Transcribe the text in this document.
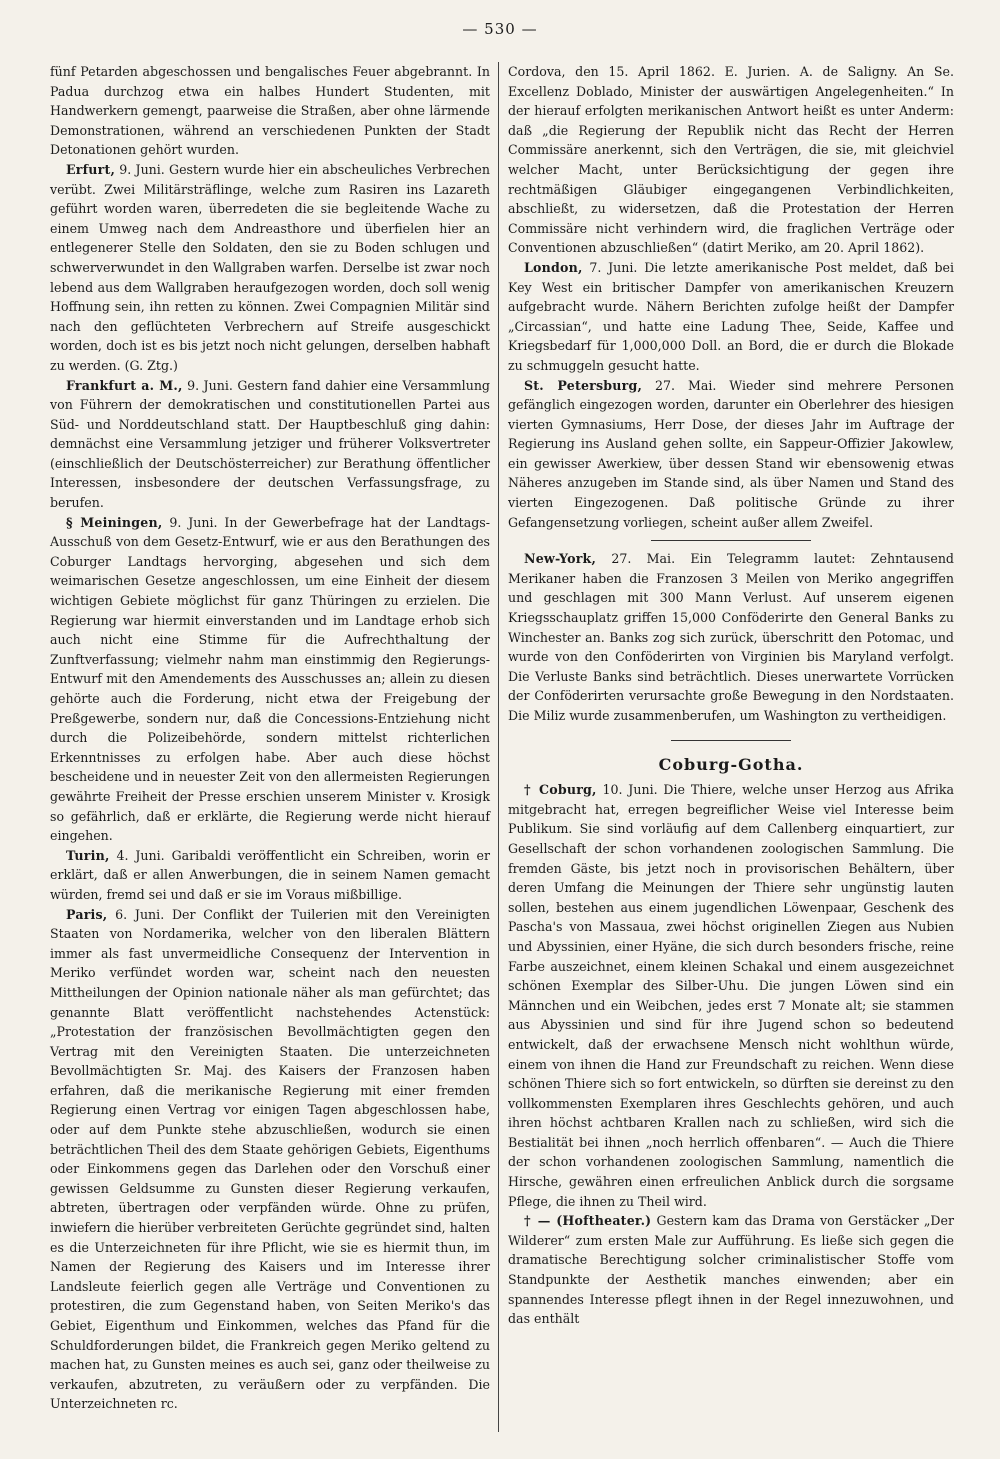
— 530 —

fünf Petarden abgeschossen und bengalisches Feuer abgebrannt. In Padua durchzog etwa ein halbes Hundert Studenten, mit Handwerkern gemengt, paarweise die Straßen, aber ohne lärmende Demonstrationen, während an verschiedenen Punkten der Stadt Detonationen gehört wurden.

Erfurt, 9. Juni. Gestern wurde hier ein abscheuliches Verbrechen verübt. Zwei Militärsträflinge, welche zum Rasiren ins Lazareth geführt worden waren, überredeten die sie begleitende Wache zu einem Umweg nach dem Andreasthore und überfielen hier an entlegenerer Stelle den Soldaten, den sie zu Boden schlugen und schwerverwundet in den Wallgraben warfen. Derselbe ist zwar noch lebend aus dem Wallgraben heraufgezogen worden, doch soll wenig Hoffnung sein, ihn retten zu können. Zwei Compagnien Militär sind nach den geflüchteten Verbrechern auf Streife ausgeschickt worden, doch ist es bis jetzt noch nicht gelungen, derselben habhaft zu werden. (G. Ztg.)

Frankfurt a. M., 9. Juni. Gestern fand dahier eine Versammlung von Führern der demokratischen und constitutionellen Partei aus Süd- und Norddeutschland statt. Der Hauptbeschluß ging dahin: demnächst eine Versammlung jetziger und früherer Volksvertreter (einschließlich der Deutschösterreicher) zur Berathung öffentlicher Interessen, insbesondere der deutschen Verfassungsfrage, zu berufen.

§ Meiningen, 9. Juni. In der Gewerbefrage hat der Landtags-Ausschuß von dem Gesetz-Entwurf, wie er aus den Berathungen des Coburger Landtags hervorging, abgesehen und sich dem weimarischen Gesetze angeschlossen, um eine Einheit der diesem wichtigen Gebiete möglichst für ganz Thüringen zu erzielen. Die Regierung war hiermit einverstanden und im Landtage erhob sich auch nicht eine Stimme für die Aufrechthaltung der Zunftverfassung; vielmehr nahm man einstimmig den Regierungs-Entwurf mit den Amendements des Ausschusses an; allein zu diesen gehörte auch die Forderung, nicht etwa der Freigebung der Preßgewerbe, sondern nur, daß die Concessions-Entziehung nicht durch die Polizeibehörde, sondern mittelst richterlichen Erkenntnisses zu erfolgen habe. Aber auch diese höchst bescheidene und in neuester Zeit von den allermeisten Regierungen gewährte Freiheit der Presse erschien unserem Minister v. Krosigk so gefährlich, daß er erklärte, die Regierung werde nicht hierauf eingehen.

Turin, 4. Juni. Garibaldi veröffentlicht ein Schreiben, worin er erklärt, daß er allen Anwerbungen, die in seinem Namen gemacht würden, fremd sei und daß er sie im Voraus mißbillige.

Paris, 6. Juni. Der Conflikt der Tuilerien mit den Vereinigten Staaten von Nordamerika, welcher von den liberalen Blättern immer als fast unvermeidliche Consequenz der Intervention in Meriko verfündet worden war, scheint nach den neuesten Mittheilungen der Opinion nationale näher als man gefürchtet; das genannte Blatt veröffentlicht nachstehendes Actenstück: „Protestation der französischen Bevollmächtigten gegen den Vertrag mit den Vereinigten Staaten. Die unterzeichneten Bevollmächtigten Sr. Maj. des Kaisers der Franzosen haben erfahren, daß die merikanische Regierung mit einer fremden Regierung einen Vertrag vor einigen Tagen abgeschlossen habe, oder auf dem Punkte stehe abzuschließen, wodurch sie einen beträchtlichen Theil des dem Staate gehörigen Gebiets, Eigenthums oder Einkommens gegen das Darlehen oder den Vorschuß einer gewissen Geldsumme zu Gunsten dieser Regierung verkaufen, abtreten, übertragen oder verpfänden würde. Ohne zu prüfen, inwiefern die hierüber verbreiteten Gerüchte gegründet sind, halten es die Unterzeichneten für ihre Pflicht, wie sie es hiermit thun, im Namen der Regierung des Kaisers und im Interesse ihrer Landsleute feierlich gegen alle Verträge und Conventionen zu protestiren, die zum Gegenstand haben, von Seiten Meriko's das Gebiet, Eigenthum und Einkommen, welches das Pfand für die Schuldforderungen bildet, die Frankreich gegen Meriko geltend zu machen hat, zu Gunsten meines es auch sei, ganz oder theilweise zu verkaufen, abzutreten, zu veräußern oder zu verpfänden. Die Unterzeichneten rc.

Cordova, den 15. April 1862. E. Jurien. A. de Saligny. An Se. Excellenz Doblado, Minister der auswärtigen Angelegenheiten.“ In der hierauf erfolgten merikanischen Antwort heißt es unter Anderm: daß „die Regierung der Republik nicht das Recht der Herren Commissäre anerkennt, sich den Verträgen, die sie, mit gleichviel welcher Macht, unter Berücksichtigung der gegen ihre rechtmäßigen Gläubiger eingegangenen Verbindlichkeiten, abschließt, zu widersetzen, daß die Protestation der Herren Commissäre nicht verhindern wird, die fraglichen Verträge oder Conventionen abzuschließen“ (datirt Meriko, am 20. April 1862).

London, 7. Juni. Die letzte amerikanische Post meldet, daß bei Key West ein britischer Dampfer von amerikanischen Kreuzern aufgebracht wurde. Nähern Berichten zufolge heißt der Dampfer „Circassian“, und hatte eine Ladung Thee, Seide, Kaffee und Kriegsbedarf für 1,000,000 Doll. an Bord, die er durch die Blokade zu schmuggeln gesucht hatte.

St. Petersburg, 27. Mai. Wieder sind mehrere Personen gefänglich eingezogen worden, darunter ein Oberlehrer des hiesigen vierten Gymnasiums, Herr Dose, der dieses Jahr im Auftrage der Regierung ins Ausland gehen sollte, ein Sappeur-Offizier Jakowlew, ein gewisser Awerkiew, über dessen Stand wir ebensowenig etwas Näheres anzugeben im Stande sind, als über Namen und Stand des vierten Eingezogenen. Daß politische Gründe zu ihrer Gefangensetzung vorliegen, scheint außer allem Zweifel.

New-York, 27. Mai. Ein Telegramm lautet: Zehntausend Merikaner haben die Franzosen 3 Meilen von Meriko angegriffen und geschlagen mit 300 Mann Verlust. Auf unserem eigenen Kriegsschauplatz griffen 15,000 Conföderirte den General Banks zu Winchester an. Banks zog sich zurück, überschritt den Potomac, und wurde von den Conföderirten von Virginien bis Maryland verfolgt. Die Verluste Banks sind beträchtlich. Dieses unerwartete Vorrücken der Conföderirten verursachte große Bewegung in den Nordstaaten. Die Miliz wurde zusammenberufen, um Washington zu vertheidigen.

Coburg-Gotha.

† Coburg, 10. Juni. Die Thiere, welche unser Herzog aus Afrika mitgebracht hat, erregen begreiflicher Weise viel Interesse beim Publikum. Sie sind vorläufig auf dem Callenberg einquartiert, zur Gesellschaft der schon vorhandenen zoologischen Sammlung. Die fremden Gäste, bis jetzt noch in provisorischen Behältern, über deren Umfang die Meinungen der Thiere sehr ungünstig lauten sollen, bestehen aus einem jugendlichen Löwenpaar, Geschenk des Pascha's von Massaua, zwei höchst originellen Ziegen aus Nubien und Abyssinien, einer Hyäne, die sich durch besonders frische, reine Farbe auszeichnet, einem kleinen Schakal und einem ausgezeichnet schönen Exemplar des Silber-Uhu. Die jungen Löwen sind ein Männchen und ein Weibchen, jedes erst 7 Monate alt; sie stammen aus Abyssinien und sind für ihre Jugend schon so bedeutend entwickelt, daß der erwachsene Mensch nicht wohlthun würde, einem von ihnen die Hand zur Freundschaft zu reichen. Wenn diese schönen Thiere sich so fort entwickeln, so dürften sie dereinst zu den vollkommensten Exemplaren ihres Geschlechts gehören, und auch ihren höchst achtbaren Krallen nach zu schließen, wird sich die Bestialität bei ihnen „noch herrlich offenbaren“. — Auch die Thiere der schon vorhandenen zoologischen Sammlung, namentlich die Hirsche, gewähren einen erfreulichen Anblick durch die sorgsame Pflege, die ihnen zu Theil wird.

† — (Hoftheater.) Gestern kam das Drama von Gerstäcker „Der Wilderer“ zum ersten Male zur Aufführung. Es ließe sich gegen die dramatische Berechtigung solcher criminalistischer Stoffe vom Standpunkte der Aesthetik manches einwenden; aber ein spannendes Interesse pflegt ihnen in der Regel innezuwohnen, und das enthält
